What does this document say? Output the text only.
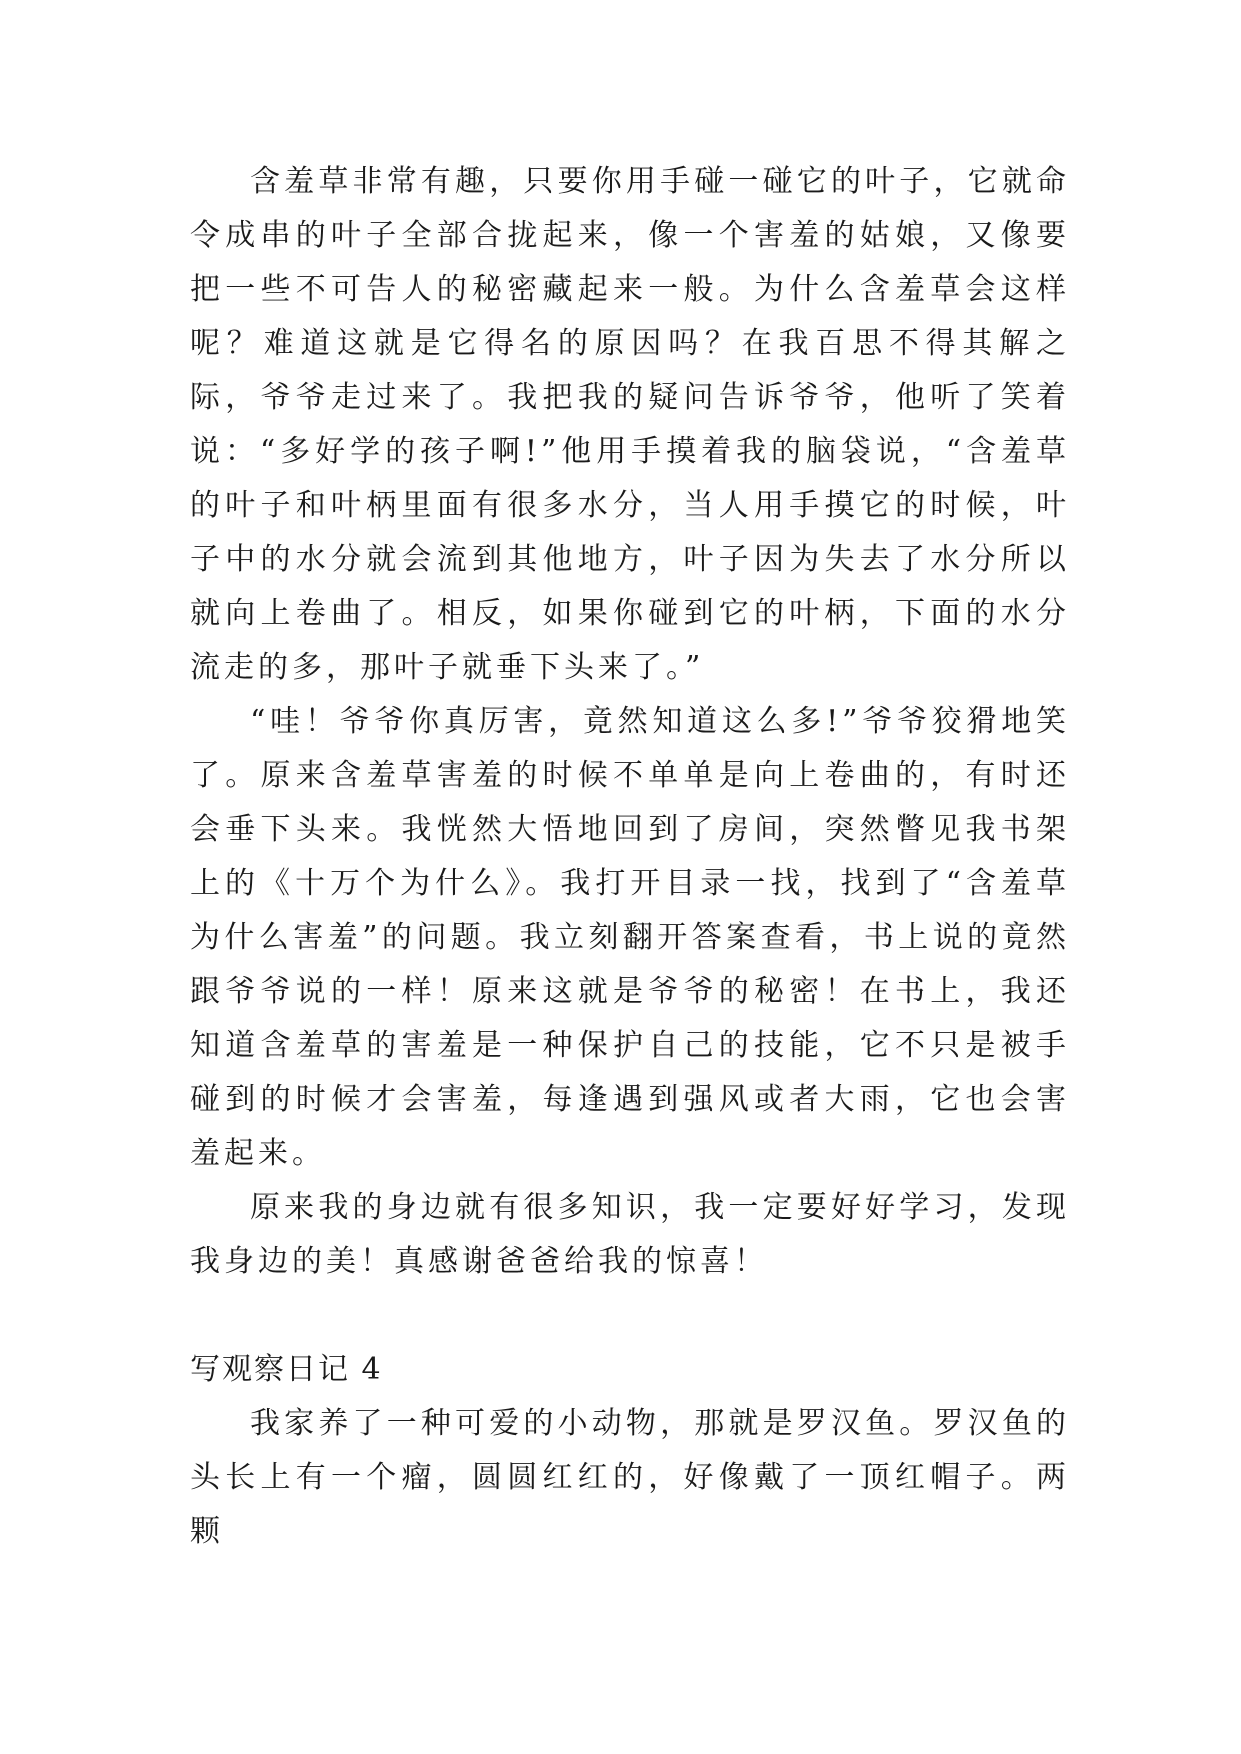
含羞草非常有趣，只要你用手碰一碰它的叶子，它就命令成串的叶子全部合拢起来，像一个害羞的姑娘，又像要把一些不可告人的秘密藏起来一般。为什么含羞草会这样呢？难道这就是它得名的原因吗？在我百思不得其解之际，爷爷走过来了。我把我的疑问告诉爷爷，他听了笑着说：“多好学的孩子啊!”他用手摸着我的脑袋说，“含羞草的叶子和叶柄里面有很多水分，当人用手摸它的时候，叶子中的水分就会流到其他地方，叶子因为失去了水分所以就向上卷曲了。相反，如果你碰到它的叶柄，下面的水分流走的多，那叶子就垂下头来了。”

“哇！爷爷你真厉害，竟然知道这么多!”爷爷狡猾地笑了。原来含羞草害羞的时候不单单是向上卷曲的，有时还会垂下头来。我恍然大悟地回到了房间，突然瞥见我书架上的《十万个为什么》。我打开目录一找，找到了“含羞草为什么害羞”的问题。我立刻翻开答案查看，书上说的竟然跟爷爷说的一样！原来这就是爷爷的秘密！在书上，我还知道含羞草的害羞是一种保护自己的技能，它不只是被手碰到的时候才会害羞，每逢遇到强风或者大雨，它也会害羞起来。

原来我的身边就有很多知识，我一定要好好学习，发现我身边的美！真感谢爸爸给我的惊喜！

写观察日记 4

我家养了一种可爱的小动物，那就是罗汉鱼。罗汉鱼的头长上有一个瘤，圆圆红红的，好像戴了一顶红帽子。两颗
